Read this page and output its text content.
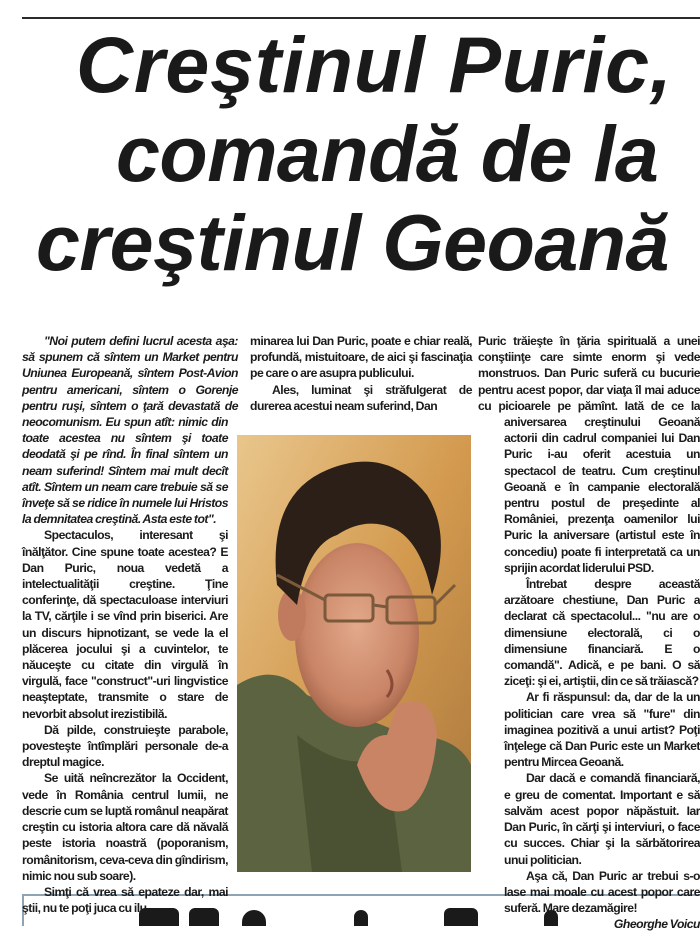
Creştinul Puric,
comandă de la
creştinul Geoană

"Noi putem defini lucrul acesta aşa: să spunem că sîntem un Market pentru Uniunea Europeană, sîntem Post-Avion pentru americani, sîntem o Gorenje pentru ruşi, sîntem o ţară devastată de neocomunism. Eu spun atît: nimic din toate acestea nu sîntem şi toate deodată şi pe rînd. În final sîntem un neam suferind! Sîntem mai mult decît atît. Sîntem un neam care trebuie să se înveţe să se ridice în numele lui Hristos la demnitatea creştină. Asta este tot".

Spectaculos, interesant şi înălţător. Cine spune toate acestea? E Dan Puric, noua vedetă a intelectualităţii creştine. Ţine conferinţe, dă spectaculoase interviuri la TV, cărţile i se vînd prin biserici. Are un discurs hipnotizant, se vede la el plăcerea jocului şi a cuvintelor, te năuceşte cu citate din virgulă în virgulă, face "construct"-uri lingvistice neaşteptate, transmite o stare de nevorbit absolut irezistibilă.

Dă pilde, construieşte parabole, povesteşte întîmplări personale de-a dreptul magice.

Se uită neîncrezător la Occident, vede în România centrul lumii, ne descrie cum se luptă românul neapărat creştin cu istoria altora care dă năvală peste istoria noastră (poporanism, românitorism, ceva-ceva din gîndirism, nimic nou sub soare).

Simţi că vrea să epateze dar, mai ştii, nu te poţi juca cu ilu-

minarea lui Dan Puric, poate e chiar reală, profundă, mistuitoare, de aici şi fascinaţia pe care o are asupra publicului.

Ales, luminat şi străfulgerat de durerea acestui neam suferind, Dan

Puric trăieşte în ţăria spirituală a unei conştiinţe care simte enorm şi vede monstruos. Dan Puric suferă cu bucurie pentru acest popor, dar viaţa îl mai aduce cu picioarele pe pămînt. Iată de ce la aniversarea creştinului Geoană actorii din cadrul companiei lui Dan Puric i-au oferit acestuia un spectacol de teatru. Cum creştinul Geoană e în campanie electorală pentru postul de preşedinte al României, prezenţa oamenilor lui Puric la aniversare (artistul este în concediu) poate fi interpretată ca un sprijin acordat liderului PSD.

Întrebat despre această arzătoare chestiune, Dan Puric a declarat că spectacolul... "nu are o dimensiune electorală, ci o dimensiune financiară. E o comandă". Adică, e pe bani. O să ziceţi: şi ei, artiştii, din ce să trăiască?

Ar fi răspunsul: da, dar de la un politician care vrea să "fure" din imaginea pozitivă a unui artist? Poţi înţelege că Dan Puric este un Market pentru Mircea Geoană.

Dar dacă e comandă financiară, e greu de comentat. Important e să salvăm acest popor năpăstuit. Iar Dan Puric, în cărţi şi interviuri, o face cu succes. Chiar şi la sărbătorirea unui politician.

Aşa că, Dan Puric ar trebui s-o lase mai moale cu acest popor care suferă. Mare dezamăgire!

Gheorghe Voicu
